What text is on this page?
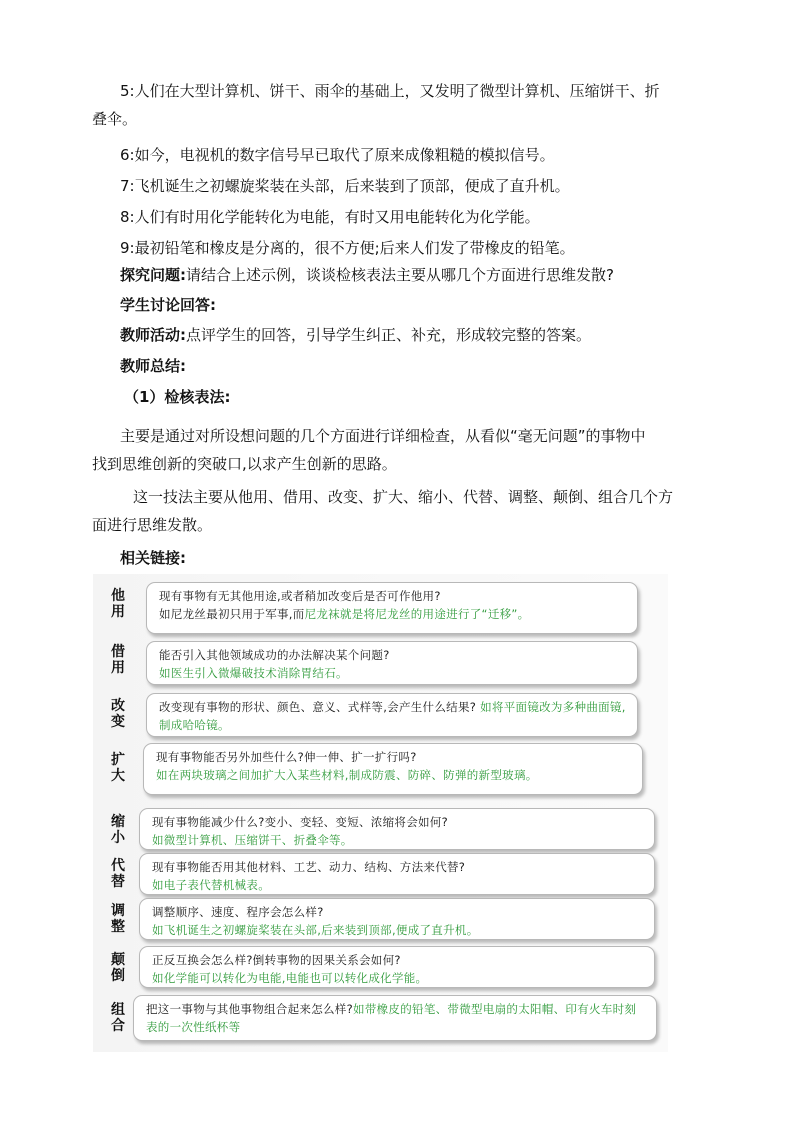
5:人们在大型计算机、饼干、雨伞的基础上，又发明了微型计算机、压缩饼干、折
叠伞。

6:如今，电视机的数字信号早已取代了原来成像粗糙的模拟信号。

7:飞机诞生之初螺旋桨装在头部，后来装到了顶部，便成了直升机。

8:人们有时用化学能转化为电能，有时又用电能转化为化学能。

9:最初铅笔和橡皮是分离的，很不方便;后来人们发了带橡皮的铅笔。

探究问题:请结合上述示例，谈谈检核表法主要从哪几个方面进行思维发散?

学生讨论回答:

教师活动:点评学生的回答，引导学生纠正、补充，形成较完整的答案。

教师总结:

（1）检核表法:

主要是通过对所设想问题的几个方面进行详细检查，从看似“毫无问题”的事物中
找到思维创新的突破口,以求产生创新的思路。

这一技法主要从他用、借用、改变、扩大、缩小、代替、调整、颠倒、组合几个方
面进行思维发散。

相关链接:

他
用
现有事物有无其他用途,或者稍加改变后是否可作他用?
如尼龙丝最初只用于军事,而尼龙袜就是将尼龙丝的用途进行了“迁移”。
借
用
能否引入其他领域成功的办法解决某个问题?
如医生引入微爆破技术消除胃结石。
改
变
改变现有事物的形状、颜色、意义、式样等,会产生什么结果? 如将平面镜改为多种曲面镜,制成哈哈镜。
扩
大
现有事物能否另外加些什么?伸一伸、扩一扩行吗?
如在两块玻璃之间加扩大入某些材料,制成防震、防碎、防弹的新型玻璃。
缩
小
现有事物能减少什么?变小、变轻、变短、浓缩将会如何?
如微型计算机、压缩饼干、折叠伞等。
代
替
现有事物能否用其他材料、工艺、动力、结构、方法来代替?
如电子表代替机械表。
调
整
调整顺序、速度、程序会怎么样?
如飞机诞生之初螺旋桨装在头部,后来装到顶部,便成了直升机。
颠
倒
正反互换会怎么样?倒转事物的因果关系会如何?
如化学能可以转化为电能,电能也可以转化成化学能。
组
合
把这一事物与其他事物组合起来怎么样?如带橡皮的铅笔、带微型电扇的太阳帽、印有火车时刻表的一次性纸杯等
